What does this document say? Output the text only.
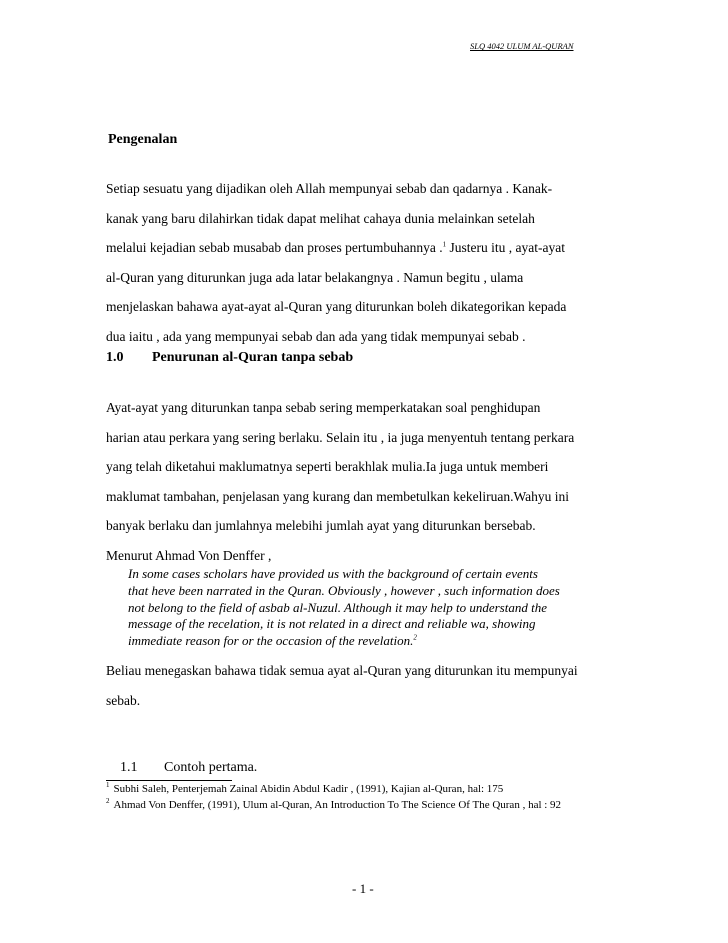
SLQ 4042 ULUM AL-QURAN
Pengenalan
Setiap sesuatu yang dijadikan oleh Allah mempunyai sebab dan qadarnya . Kanak-
kanak yang baru dilahirkan tidak dapat melihat cahaya dunia melainkan setelah
melalui kejadian sebab musabab dan proses pertumbuhannya .$^1$ Justeru itu , ayat-ayat
al-Quran yang diturunkan juga ada latar belakangnya . Namun begitu , ulama
menjelaskan bahawa ayat-ayat al-Quran yang diturunkan boleh dikategorikan kepada
dua iaitu , ada yang mempunyai sebab dan ada yang tidak mempunyai sebab .
1.0 Penurunan al-Quran tanpa sebab
Ayat-ayat yang diturunkan tanpa sebab sering memperkatakan soal penghidupan
harian atau perkara yang sering berlaku. Selain itu , ia juga menyentuh tentang perkara
yang telah diketahui maklumatnya seperti berakhlak mulia.Ia juga untuk memberi
maklumat tambahan, penjelasan yang kurang dan membetulkan kekeliruan.Wahyu ini
banyak berlaku dan jumlahnya melebihi jumlah ayat yang diturunkan bersebab.
Menurut Ahmad Von Denffer ,
In some cases scholars have provided us with the background of certain events
that heve been narrated in the Quran. Obviously , however , such information does
not belong to the field of asbab al-Nuzul. Although it may help to understand the
message of the recelation, it is not related in a direct and reliable wa, showing
immediate reason for or the occasion of the revelation.$^2$
Beliau menegaskan bahawa tidak semua ayat al-Quran yang diturunkan itu mempunyai
sebab.
1.1 Contoh pertama.
$^1$ Subhi Saleh, Penterjemah Zainal Abidin Abdul Kadir , (1991), Kajian al-Quran, hal: 175
$^2$ Ahmad Von Denffer, (1991), Ulum al-Quran, An Introduction To The Science Of The Quran , hal : 92
- 1 -
